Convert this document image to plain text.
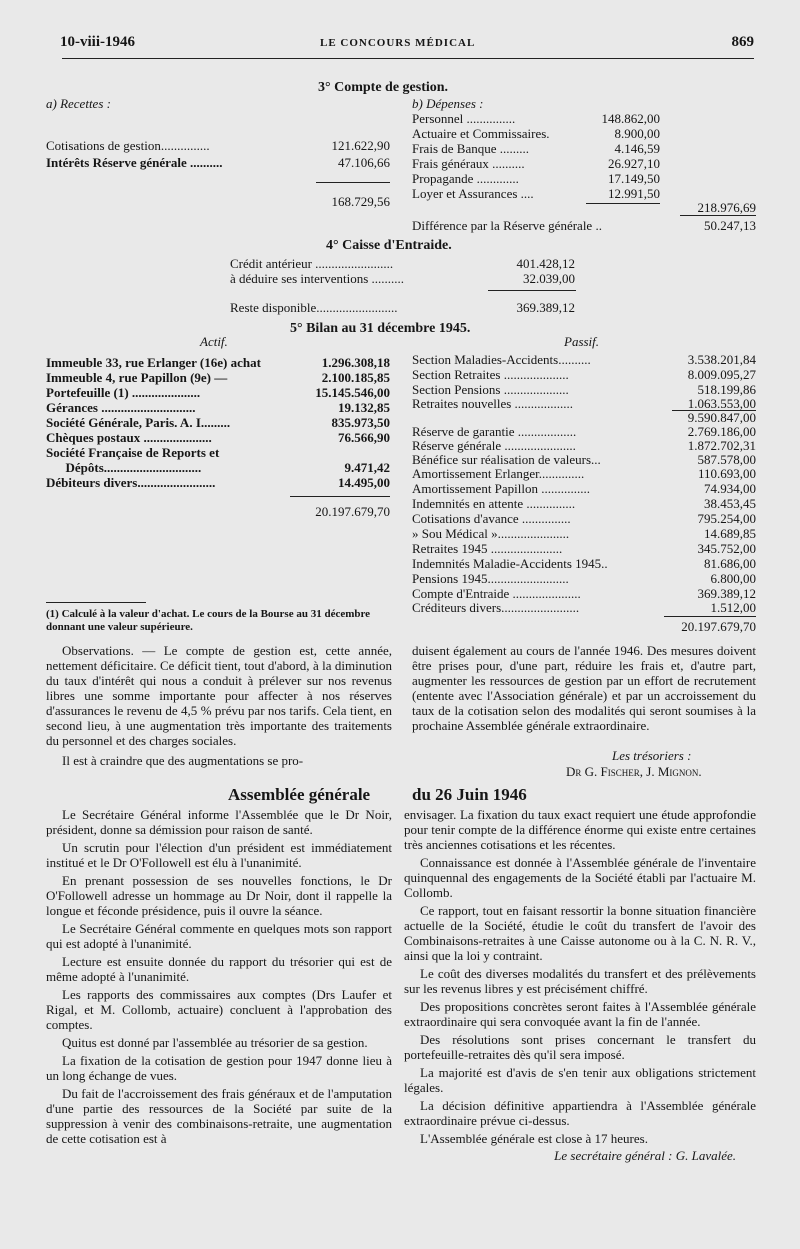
10-viii-1946	LE CONCOURS MÉDICAL	869
3° Compte de gestion.
a) Recettes :	b) Dépenses :
Cotisations de gestion...............	121.622,90
Intérêts Réserve générale ..........	47.106,66
168.729,56
Personnel ...............	148.862,00
Actuaire et Commissaires.	8.900,00
Frais de Banque .........	4.146,59
Frais généraux ..........	26.927,10
Propagande .............	17.149,50
Loyer et Assurances ....	12.991,50
218.976,69
Différence par la Réserve générale ..	50.247,13
4° Caisse d'Entraide.
Crédit antérieur ........................	401.428,12
à déduire ses interventions ..........	32.039,00
Reste disponible.........................	369.389,12
5° Bilan au 31 décembre 1945.
Actif.	Passif.
Immeuble 33, rue Erlanger (16e) achat	1.296.308,18
Immeuble 4, rue Papillon (9e) —	2.100.185,85
Portefeuille (1) .....................	15.145.546,00
Gérances .............................	19.132,85
Société Générale, Paris. A. I.........	835.973,50
Chèques postaux .....................	76.566,90
Société Française de Reports et
Dépôts..............................	9.471,42
Débiteurs divers........................	14.495,00
20.197.679,70
Section Maladies-Accidents..........	3.538.201,84
Section Retraites ....................	8.009.095,27
Section Pensions ....................	518.199,86
Retraites nouvelles ..................	1.063.553,00
9.590.847,00
Réserve de garantie ..................	2.769.186,00
Réserve générale ......................	1.872.702,31
Bénéfice sur réalisation de valeurs...	587.578,00
Amortissement Erlanger..............	110.693,00
Amortissement Papillon ...............	74.934,00
Indemnités en attente ...............	38.453,45
Cotisations d'avance ...............	795.254,00
» Sou Médical »......................	14.689,85
Retraites 1945 ......................	345.752,00
Indemnités Maladie-Accidents 1945..	81.686,00
Pensions 1945.........................	6.800,00
Compte d'Entraide .....................	369.389,12
Créditeurs divers........................	1.512,00
20.197.679,70
(1) Calculé à la valeur d'achat. Le cours de la Bourse au 31 décembre donnant une valeur supérieure.

Observations. — Le compte de gestion est, cette année, nettement déficitaire. Ce déficit tient, tout d'abord, à la diminution du taux d'intérêt qui nous a conduit à prélever sur nos revenus libres une somme importante pour affecter à nos réserves d'assurances le revenu de 4,5 % prévu par nos tarifs. Cela tient, en second lieu, à une augmentation très importante des traitements du personnel et des charges sociales.

Il est à craindre que des augmentations se pro-

duisent également au cours de l'année 1946. Des mesures doivent être prises pour, d'une part, réduire les frais et, d'autre part, augmenter les ressources de gestion par un effort de recrutement (entente avec l'Association générale) et par un accroissement du taux de la cotisation selon des modalités qui seront soumises à la prochaine Assemblée générale extraordinaire.
Les trésoriers :
Dr G. Fischer, J. Mignon.
Assemblée générale du 26 Juin 1946

Le Secrétaire Général informe l'Assemblée que le Dr Noir, président, donne sa démission pour raison de santé.

Un scrutin pour l'élection d'un président est immédiatement institué et le Dr O'Followell est élu à l'unanimité.

En prenant possession de ses nouvelles fonctions, le Dr O'Followell adresse un hommage au Dr Noir, dont il rappelle la longue et féconde présidence, puis il ouvre la séance.

Le Secrétaire Général commente en quelques mots son rapport qui est adopté à l'unanimité.

Lecture est ensuite donnée du rapport du trésorier qui est de même adopté à l'unanimité.

Les rapports des commissaires aux comptes (Drs Laufer et Rigal, et M. Collomb, actuaire) concluent à l'approbation des comptes.

Quitus est donné par l'assemblée au trésorier de sa gestion.

La fixation de la cotisation de gestion pour 1947 donne lieu à un long échange de vues.

Du fait de l'accroissement des frais généraux et de l'amputation d'une partie des ressources de la Société par suite de la suppression à venir des combinaisons-retraite, une augmentation de cette cotisation est à

envisager. La fixation du taux exact requiert une étude approfondie pour tenir compte de la différence énorme qui existe entre certaines très anciennes cotisations et les récentes.

Connaissance est donnée à l'Assemblée générale de l'inventaire quinquennal des engagements de la Société établi par l'actuaire M. Collomb.

Ce rapport, tout en faisant ressortir la bonne situation financière actuelle de la Société, étudie le coût du transfert de l'avoir des Combinaisons-retraites à une Caisse autonome ou à la C. N. R. V., ainsi que la loi y contraint.

Le coût des diverses modalités du transfert et des prélèvements sur les revenus libres y est précisément chiffré.

Des propositions concrètes seront faites à l'Assemblée générale extraordinaire qui sera convoquée avant la fin de l'année.

Des résolutions sont prises concernant le transfert du portefeuille-retraites dès qu'il sera imposé.

La majorité est d'avis de s'en tenir aux obligations strictement légales.

La décision définitive appartiendra à l'Assemblée générale extraordinaire prévue ci-dessus.

L'Assemblée générale est close à 17 heures.

Le secrétaire général : G. Lavalée.
